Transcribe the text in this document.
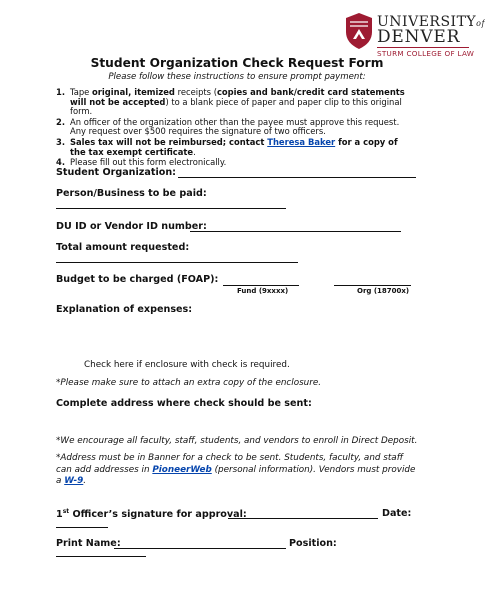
UNIVERSITYof
DENVER
STURM COLLEGE OF LAW
Student Organization Check Request Form
Please follow these instructions to ensure prompt payment:
1. Tape original, itemized receipts (copies and bank/credit card statements will not be accepted) to a blank piece of paper and paper clip to this original form.
2. An officer of the organization other than the payee must approve this request.
Any request over $500 requires the signature of two officers.
3. Sales tax will not be reimbursed; contact Theresa Baker for a copy of the tax exempt certificate.
4. Please fill out this form electronically.
Student Organization:
Person/Business to be paid:
DU ID or Vendor ID number:
Total amount requested:
Budget to be charged (FOAP):
Fund (9xxxx)	Org (18700x)
Explanation of expenses:
Check here if enclosure with check is required.
*Please make sure to attach an extra copy of the enclosure.
Complete address where check should be sent:
*We encourage all faculty, staff, students, and vendors to enroll in Direct Deposit.
*Address must be in Banner for a check to be sent. Students, faculty, and staff can add addresses in PioneerWeb (personal information). Vendors must provide a W-9.
1st Officer’s signature for approval:	Date:
Print Name:	Position:
